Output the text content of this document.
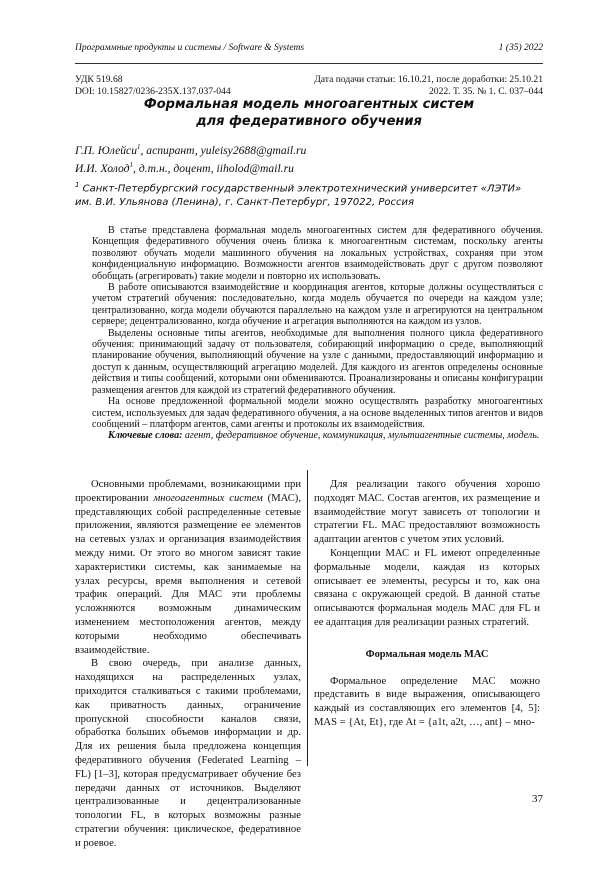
Программные продукты и системы / Software & Systems	1 (35) 2022
УДК 519.68
DOI: 10.15827/0236-235X.137.037-044
Дата подачи статьи: 16.10.21, после доработки: 25.10.21
2022. Т. 35. № 1. С. 037–044
Формальная модель многоагентных систем
для федеративного обучения
Г.П. Юлейси$^1$, аспирант, yuleisy2688@gmail.ru
И.И. Холод$^1$, д.т.н., доцент, iiholod@mail.ru
$^1$ Санкт-Петербургский государственный электротехнический университет «ЛЭТИ»
им. В.И. Ульянова (Ленина), г. Санкт-Петербург, 197022, Россия

В статье представлена формальная модель многоагентных систем для федеративного обучения. Концепция федеративного обучения очень близка к многоагентным системам, поскольку агенты позволяют обучать модели машинного обучения на локальных устройствах, сохраняя при этом конфиденциальную информацию. Возможности агентов взаимодействовать друг с другом позволяют обобщать (агрегировать) такие модели и повторно их использовать.

В работе описываются взаимодействие и координация агентов, которые должны осуществляться с учетом стратегий обучения: последовательно, когда модель обучается по очереди на каждом узле; централизованно, когда модели обучаются параллельно на каждом узле и агрегируются на центральном сервере; децентрализованно, когда обучение и агрегация выполняются на каждом из узлов.

Выделены основные типы агентов, необходимые для выполнения полного цикла федеративного обучения: принимающий задачу от пользователя, собирающий информацию о среде, выполняющий планирование обучения, выполняющий обучение на узле с данными, предоставляющий информацию и доступ к данным, осуществляющий агрегацию моделей. Для каждого из агентов определены основные действия и типы сообщений, которыми они обмениваются. Проанализированы и описаны конфигурации размещения агентов для каждой из стратегий федеративного обучения.

На основе предложенной формальной модели можно осуществлять разработку многоагентных систем, используемых для задач федеративного обучения, а на основе выделенных типов агентов и видов сообщений – платформ агентов, сами агенты и протоколы их взаимодействия.

Ключевые слова: агент, федеративное обучение, коммуникация, мультиагентные системы, модель.

Основными проблемами, возникающими при проектировании многоагентных систем (МАС), представляющих собой распределенные сетевые приложения, являются размещение ее элементов на сетевых узлах и организация взаимодействия между ними. От этого во многом зависят такие характеристики системы, как занимаемые на узлах ресурсы, время выполнения и сетевой трафик операций. Для МАС эти проблемы усложняются возможным динамическим изменением местоположения агентов, между которыми необходимо обеспечивать взаимодействие.

В свою очередь, при анализе данных, находящихся на распределенных узлах, приходится сталкиваться с такими проблемами, как приватность данных, ограничение пропускной способности каналов связи, обработка больших объемов информации и др. Для их решения была предложена концепция федеративного обучения (Federated Learning – FL) [1–3], которая предусматривает обучение без передачи данных от источников. Выделяют централизованные и децентрализованные топологии FL, в которых возможны разные стратегии обучения: циклическое, федеративное и роевое.

Для реализации такого обучения хорошо подходят МАС. Состав агентов, их размещение и взаимодействие могут зависеть от топологии и стратегии FL. МАС предоставляют возможность адаптации агентов с учетом этих условий.

Концепции МАС и FL имеют определенные формальные модели, каждая из которых описывает ее элементы, ресурсы и то, как она связана с окружающей средой. В данной статье описываются формальная модель МАС для FL и ее адаптация для реализации разных стратегий.

Формальная модель МАС

Формальное определение МАС можно представить в виде выражения, описывающего каждый из составляющих его элементов [4, 5]: MAS = {At, Et}, где At = {a1t, a2t, …, ant} – мно-

37
